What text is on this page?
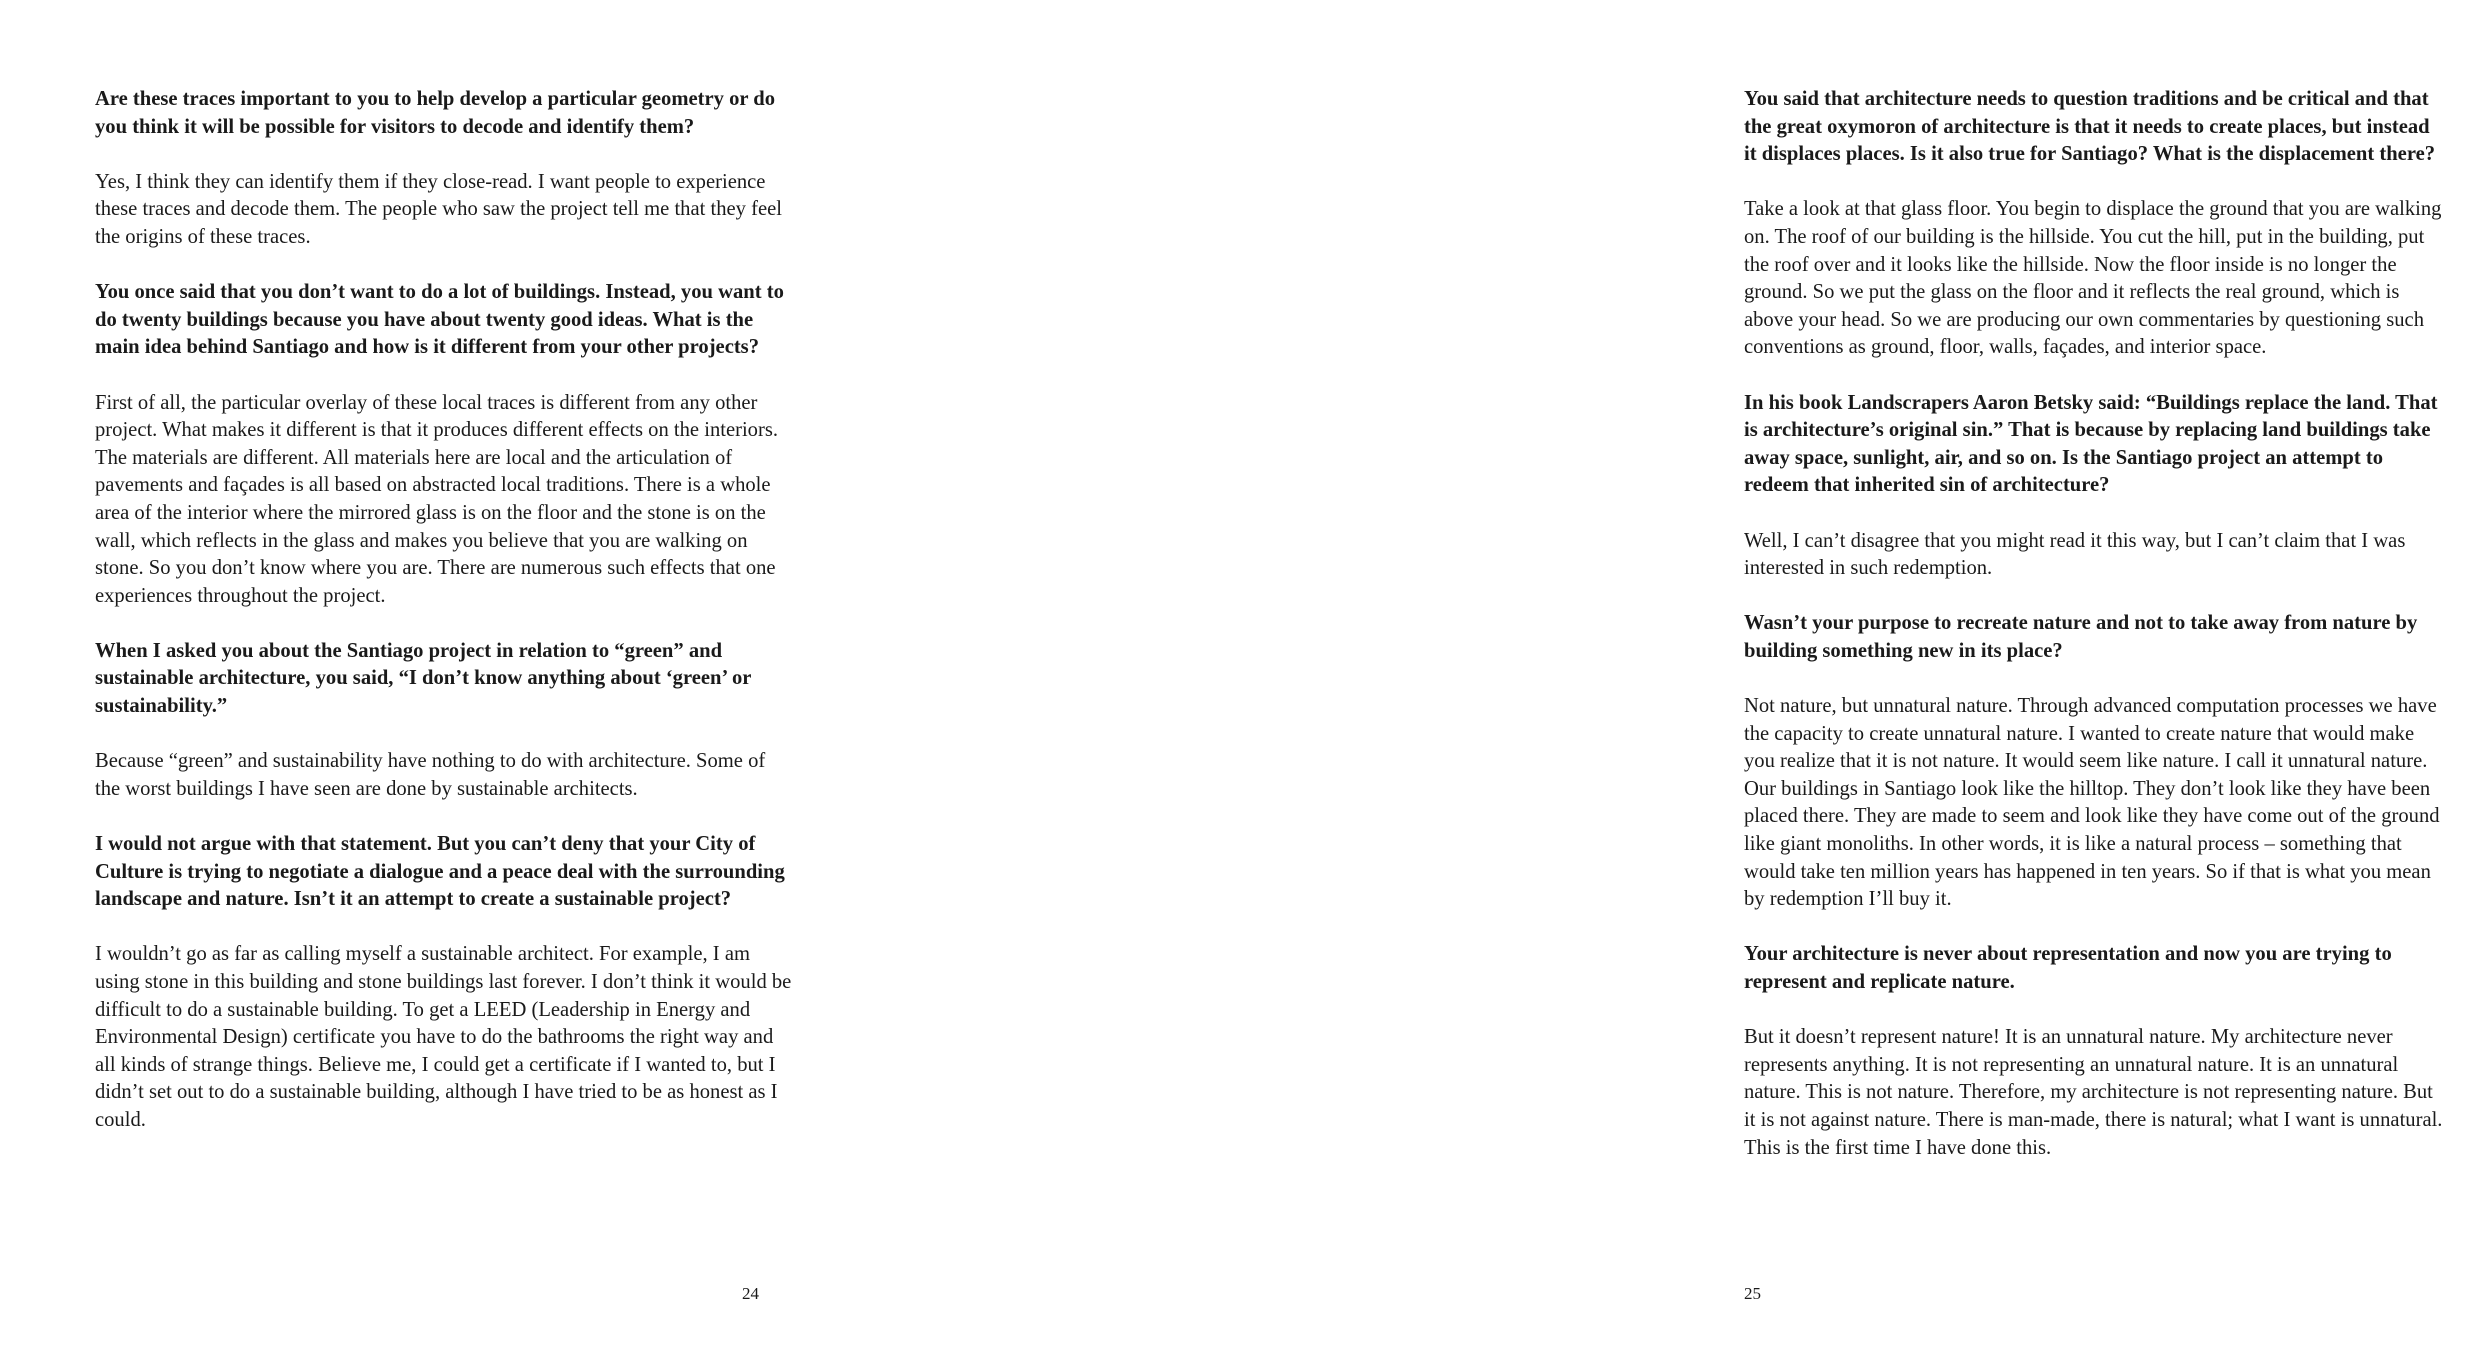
Are these traces important to you to help develop a particular geometry or do you think it will be possible for visitors to decode and identify them?

Yes, I think they can identify them if they close-read. I want people to experience these traces and decode them. The people who saw the project tell me that they feel the origins of these traces.

You once said that you don’t want to do a lot of buildings. Instead, you want to do twenty buildings because you have about twenty good ideas. What is the main idea behind Santiago and how is it different from your other projects?

First of all, the particular overlay of these local traces is different from any other project. What makes it different is that it produces different effects on the interiors. The materials are different. All materials here are local and the articulation of pavements and façades is all based on abstracted local traditions. There is a whole area of the interior where the mirrored glass is on the floor and the stone is on the wall, which reflects in the glass and makes you believe that you are walking on stone. So you don’t know where you are. There are numerous such effects that one experiences throughout the project.

When I asked you about the Santiago project in relation to “green” and sustainable architecture, you said, “I don’t know anything about ‘green’ or sustainability.”

Because “green” and sustainability have nothing to do with architecture. Some of the worst buildings I have seen are done by sustainable architects.

I would not argue with that statement. But you can’t deny that your City of Culture is trying to negotiate a dialogue and a peace deal with the surrounding landscape and nature. Isn’t it an attempt to create a sustainable project?

I wouldn’t go as far as calling myself a sustainable architect. For example, I am using stone in this building and stone buildings last forever. I don’t think it would be difficult to do a sustainable building. To get a LEED (Leadership in Energy and Environmental Design) certificate you have to do the bathrooms the right way and all kinds of strange things. Believe me, I could get a certificate if I wanted to, but I didn’t set out to do a sustainable building, although I have tried to be as honest as I could.

24

You said that architecture needs to question traditions and be critical and that the great oxymoron of architecture is that it needs to create places, but instead it displaces places. Is it also true for Santiago? What is the displacement there?

Take a look at that glass floor. You begin to displace the ground that you are walking on. The roof of our building is the hillside. You cut the hill, put in the building, put the roof over and it looks like the hillside. Now the floor inside is no longer the ground. So we put the glass on the floor and it reflects the real ground, which is above your head. So we are producing our own commentaries by questioning such conventions as ground, floor, walls, façades, and interior space.

In his book Landscrapers Aaron Betsky said: “Buildings replace the land. That is architecture’s original sin.” That is because by replacing land buildings take away space, sunlight, air, and so on. Is the Santiago project an attempt to redeem that inherited sin of architecture?

Well, I can’t disagree that you might read it this way, but I can’t claim that I was interested in such redemption.

Wasn’t your purpose to recreate nature and not to take away from nature by building something new in its place?

Not nature, but unnatural nature. Through advanced computation processes we have the capacity to create unnatural nature. I wanted to create nature that would make you realize that it is not nature. It would seem like nature. I call it unnatural nature. Our buildings in Santiago look like the hilltop. They don’t look like they have been placed there. They are made to seem and look like they have come out of the ground like giant monoliths. In other words, it is like a natural process – something that would take ten million years has happened in ten years. So if that is what you mean by redemption I’ll buy it.

Your architecture is never about representation and now you are trying to represent and replicate nature.

But it doesn’t represent nature! It is an unnatural nature. My architecture never represents anything. It is not representing an unnatural nature. It is an unnatural nature. This is not nature. Therefore, my architecture is not representing nature. But it is not against nature. There is man-made, there is natural; what I want is unnatural. This is the first time I have done this.

25
